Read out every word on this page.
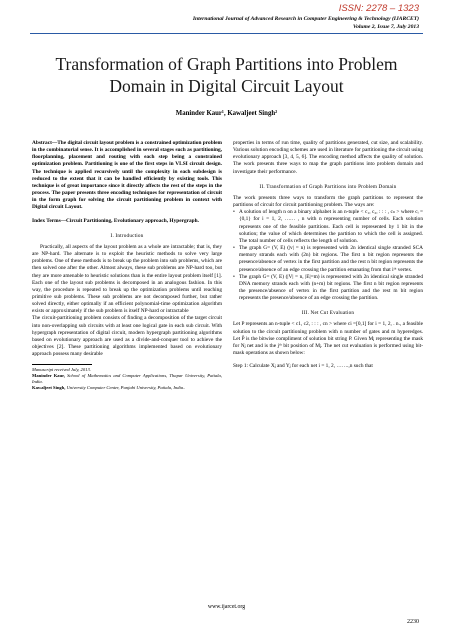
ISSN: 2278 – 1323
International Journal of Advanced Research in Computer Engineering & Technology (IJARCET)
Volume 2, Issue 7, July 2013
Transformation of Graph Partitions into Problem
Domain in Digital Circuit Layout
Maninder Kaur¹, Kawaljeet Singh²

Abstract—The digital circuit layout problem is a constrained optimization problem in the combinatorial sense. It is accomplished in several stages such as partitioning, floorplanning, placement and routing with each step being a constrained optimization problem. Partitioning is one of the first steps in VLSI circuit design. The technique is applied recursively until the complexity in each subdesign is reduced to the extent that it can be handled efficiently by existing tools. This technique is of great importance since it directly affects the rest of the steps in the process. The paper presents three encoding techniques for representation of circuit in the form graph for solving the circuit partitioning problem in context with Digital circuit Layout.

Index Terms—Circuit Partitioning, Evolutionary approach, Hypergraph.

I. Introduction

Practically, all aspects of the layout problem as a whole are intractable; that is, they are NP-hard. The alternate is to exploit the heuristic methods to solve very large problems. One of these methods is to break up the problem into sub problems, which are then solved one after the other. Almost always, these sub problems are NP-hard too, but they are more amenable to heuristic solutions than is the entire layout problem itself [1]. Each one of the layout sub problems is decomposed in an analogous fashion. In this way, the procedure is repeated to break up the optimization problems until reaching primitive sub problems. These sub problems are not decomposed further, but rather solved directly, either optimally if an efficient polynomial-time optimization algorithm exists or approximately if the sub problem is itself NP-hard or intractable

The circuit-partitioning problem consists of finding a decomposition of the target circuit into non-overlapping sub circuits with at least one logical gate in each sub circuit. With hypergraph representation of digital circuit, modern hypergraph partitioning algorithms based on evolutionary approach are used as a divide-and-conquer tool to achieve the objectives [2]. These partitioning algorithms implemented based on evolutionary approach possess many desirable

Manuscript received July, 2013.

Maninder Kaur, School of Mathematics and Computer Applications, Thapar University, Patiala, India.

Kawaljeet Singh, University Computer Center, Punjabi University, Patiala, India..

properties in terms of run time, quality of partitions generated, cut size, and scalability. Various solution encoding schemes are used in literature for partitioning the circuit using evolutionary approach [3, 4, 5, 6]. The encoding method affects the quality of solution. The work presents three ways to map the graph partitions into problem domain and investigate their performance.

II. Transformation of Graph Partitions into Problem Domain

The work presents three ways to transform the graph partitions to represent the partitions of circuit for circuit partitioning problem. The ways are:

• A solution of length n on a binary alphabet is an n-tuple < c₁, c₂, : : : , cₙ > where cᵢ ={0,1} for i = 1, 2, …… , n with n representing number of cells. Each solution represents one of the feasible partitions. Each cell is represented by 1 bit in the solution; the value of which determines the partition to which the cell is assigned. The total number of cells reflects the length of solution.

• The graph G= (V, E) (|v| = n) is represented with 2n identical single stranded SCA memory strands each with (2n) bit regions. The first n bit region represents the presence/absence of vertex in the first partition and the rest n bit region represents the presence/absence of an edge crossing the partition emanating from that iᵗʰ vertex.

• The graph G= (V, E) (|V| = n, |E|=m) is represented with 2n identical single stranded DNA memory strands each with (n+m) bit regions. The first n bit region represents the presence/absence of vertex in the first partition and the rest m bit region represents the presence/absence of an edge crossing the partition.

III. Net Cut Evaluation

Let P represents an n-tuple < c1, c2, : : : , cn > where ci =[0,1] for i = 1, 2, . n., a feasible solution to the circuit partitioning problem with n number of gates and m hyperedges. Let P̄ is the bitwise compliment of solution bit string P. Given Mⱼ representing the mask for Nⱼ net and is the jᵗʰ bit position of Mⱼ. The net cut evaluation is performed using bit-mask operations as shown below:

Step 1: Calculate Xⱼ and Yⱼ for each net i = 1, 2, …….,n such that

www.ijarcet.org
2230
